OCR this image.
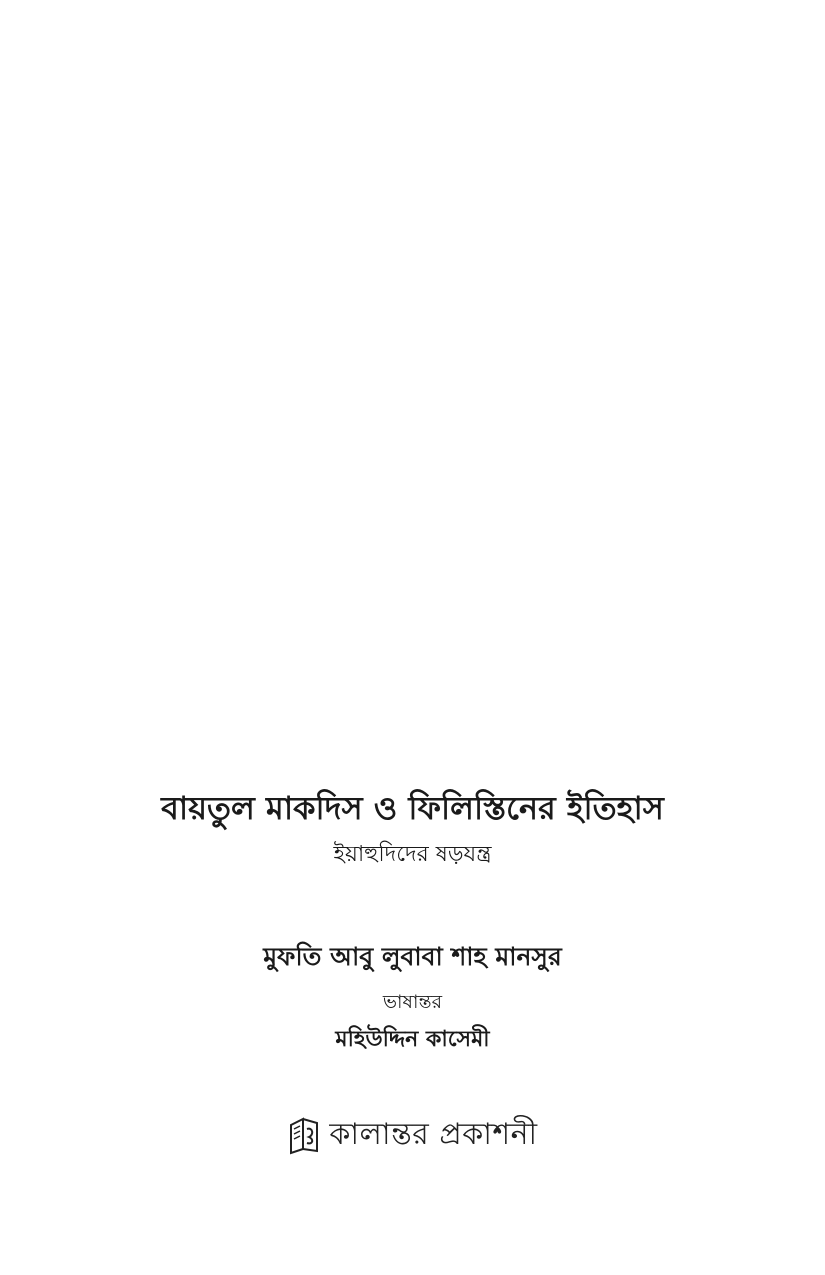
বায়তুল মাকদিস ও ফিলিস্তিনের ইতিহাস
ইয়াহুদিদের ষড়যন্ত্র
মুফতি আবু লুবাবা শাহ মানসুর
ভাষান্তর
মহিউদ্দিন কাসেমী
কালান্তর প্রকাশনী
